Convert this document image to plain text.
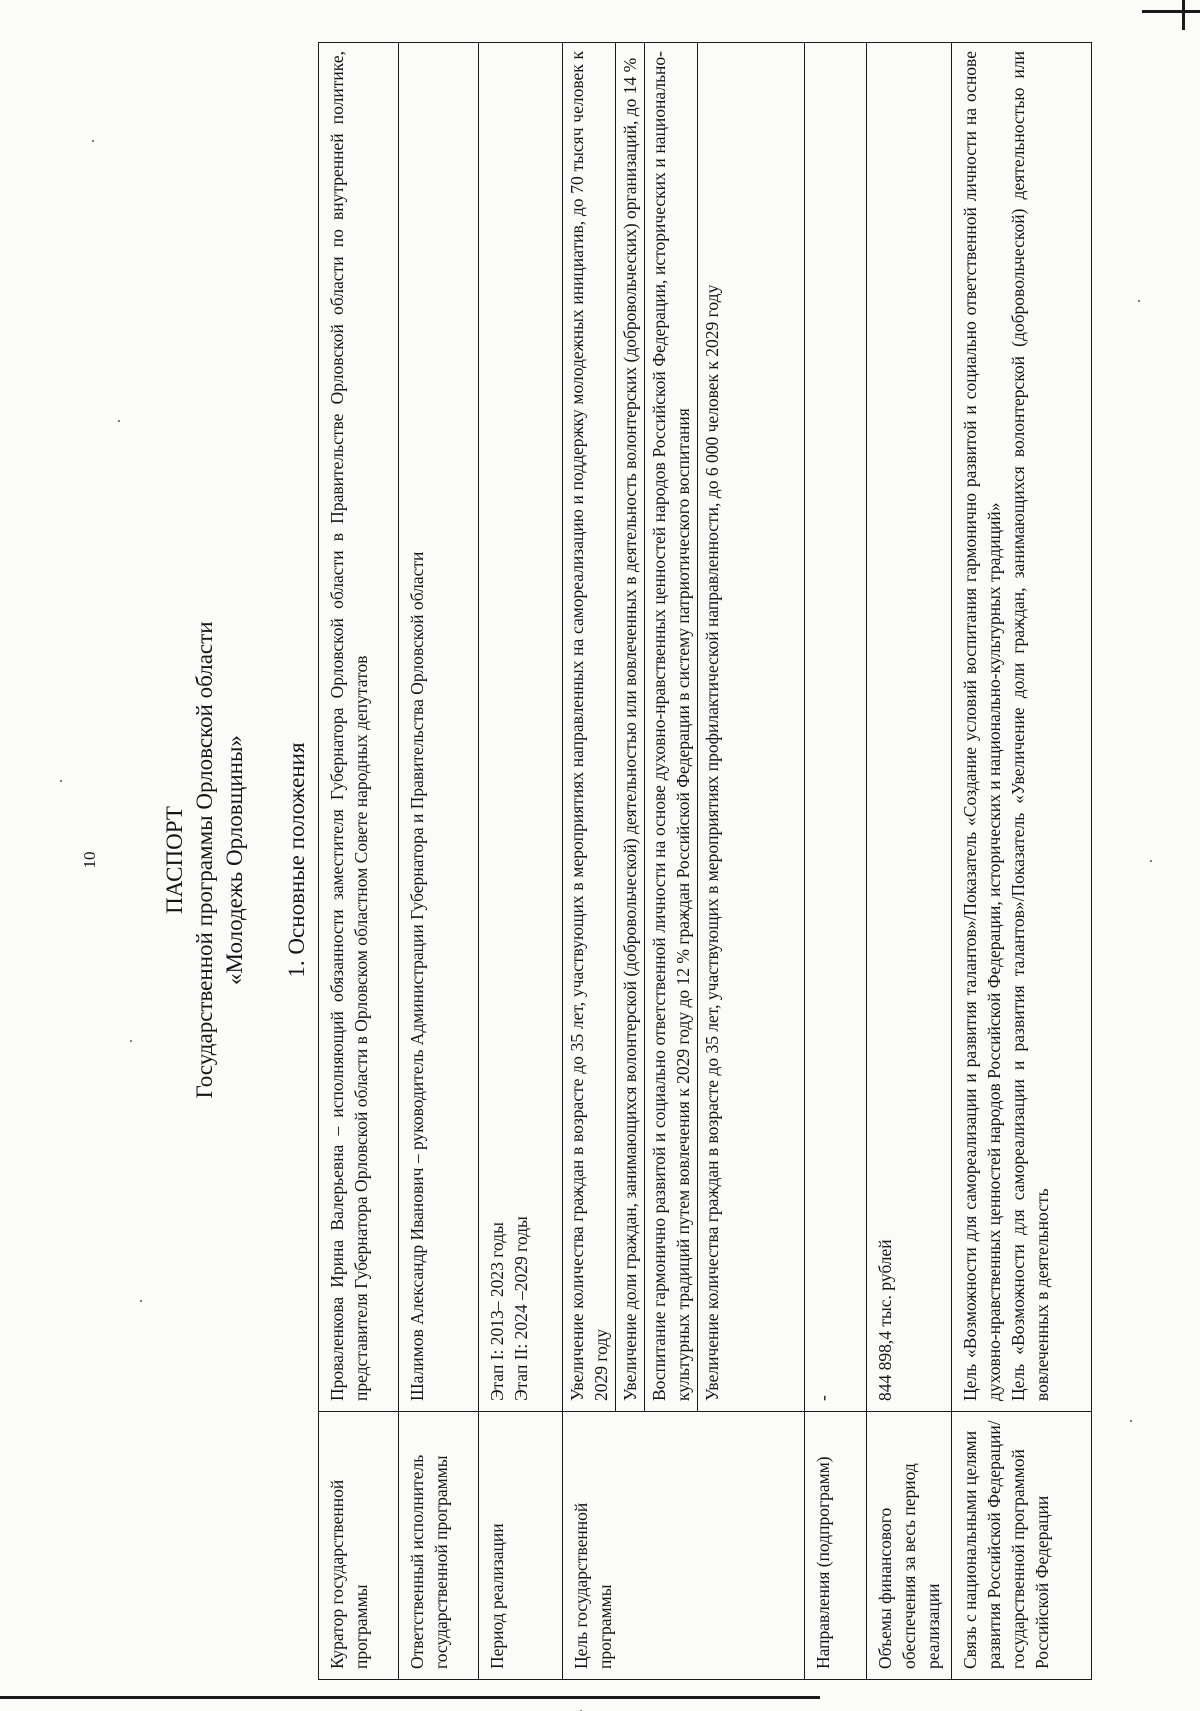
10	ПАСПОРТ Государственной программы Орловской области «Молодежь Орловщины» 1. Основные положения
Куратор государственной программы	Проваленкова Ирина Валерьевна – исполняющий обязанности заместителя Губернатора Орловской области в Правительстве Орловской области по внутренней политике, представителя Губернатора Орловской области в Орловском областном Совете народных депутатов

Ответственный исполнитель государственной программы	Шалимов Александр Иванович – руководитель Администрации Губернатора и Правительства Орловской области

Период реализации	Этап I: 2013– 2023 годы Этап II: 2024 –2029 годы

Цель государственной программы	Увеличение количества граждан в возрасте до 35 лет, участвующих в мероприятиях направленных на самореализацию и поддержку молодежных инициатив, до 70 тысяч человек к 2029 году Увеличение доли граждан, занимающихся волонтерской (добровольческой) деятельностью или вовлеченных в деятельность волонтерских (добровольческих) организаций, до 14 % Воспитание гармонично развитой и социально ответственной личности на основе духовно-нравственных ценностей народов Российской Федерации, исторических и национально-культурных традиций путем вовлечения к 2029 году до 12 % граждан Российской Федерации в систему патриотического воспитания Увеличение количества граждан в возрасте до 35 лет, участвующих в мероприятиях профилактической направленности, до 6 000 человек к 2029 году

Направления (подпрограмм)	-

Объемы финансового обеспечения за весь период реализации	844 898,4 тыс. рублей

Связь с национальными целями развития Российской Федерации/ государственной программой Российской Федерации	Цель «Возможности для самореализации и развития талантов»/Показатель «Создание условий воспитания гармонично развитой и социально ответственной личности на основе духовно-нравственных ценностей народов Российской Федерации, исторических и национально-культурных традиций» Цель «Возможности для самореализации и развития талантов»/Показатель «Увеличение доли граждан, занимающихся волонтерской (добровольческой) деятельностью или вовлеченных в деятельность
